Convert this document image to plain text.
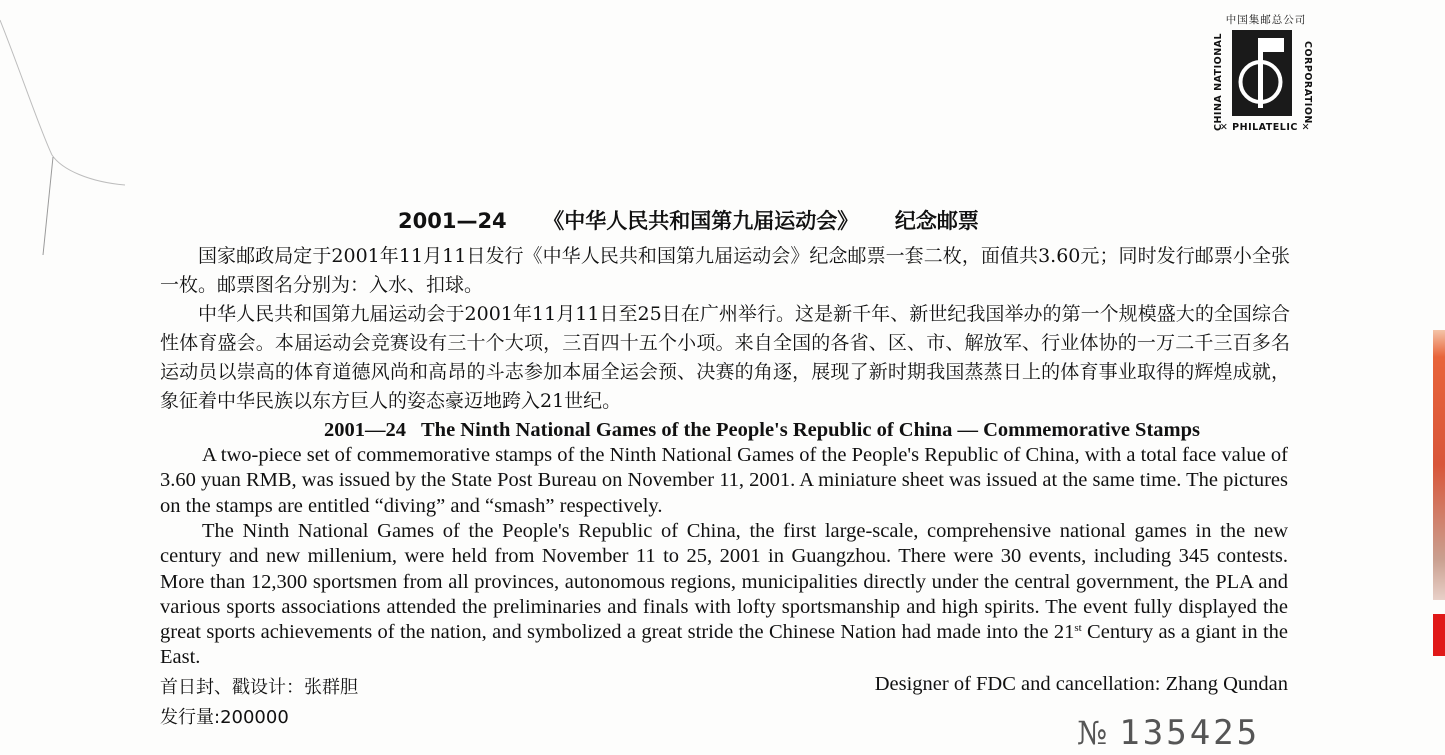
中国集邮总公司
CHINA NATIONAL	CORPORATION
✕ PHILATELIC ✕
2001—24 《中华人民共和国第九届运动会》 纪念邮票
国家邮政局定于2001年11月11日发行《中华人民共和国第九届运动会》纪念邮票一套二枚，面值共3.60元；同时发行邮票小全张一枚。邮票图名分别为：入水、扣球。
中华人民共和国第九届运动会于2001年11月11日至25日在广州举行。这是新千年、新世纪我国举办的第一个规模盛大的全国综合性体育盛会。本届运动会竞赛设有三十个大项，三百四十五个小项。来自全国的各省、区、市、解放军、行业体协的一万二千三百多名运动员以崇高的体育道德风尚和高昂的斗志参加本届全运会预、决赛的角逐，展现了新时期我国蒸蒸日上的体育事业取得的辉煌成就，象征着中华民族以东方巨人的姿态豪迈地跨入21世纪。
2001—24   The Ninth National Games of the People's Republic of China — Commemorative Stamps
A two-piece set of commemorative stamps of the Ninth National Games of the People's Republic of China, with a total face value of 3.60 yuan RMB, was issued by the State Post Bureau on November 11, 2001. A miniature sheet was issued at the same time. The pictures on the stamps are entitled “diving” and “smash” respectively.
The Ninth National Games of the People's Republic of China, the first large-scale, comprehensive national games in the new century and new millenium, were held from November 11 to 25, 2001 in Guangzhou. There were 30 events, including 345 contests. More than 12,300 sportsmen from all provinces, autonomous regions, municipalities directly under the central government, the PLA and various sports associations attended the preliminaries and finals with lofty sportsmanship and high spirits. The event fully displayed the great sports achievements of the nation, and symbolized a great stride the Chinese Nation had made into the 21st Century as a giant in the East.
首日封、戳设计：张群胆
发行量:200000
Designer of FDC and cancellation: Zhang Qundan
№ 135425
